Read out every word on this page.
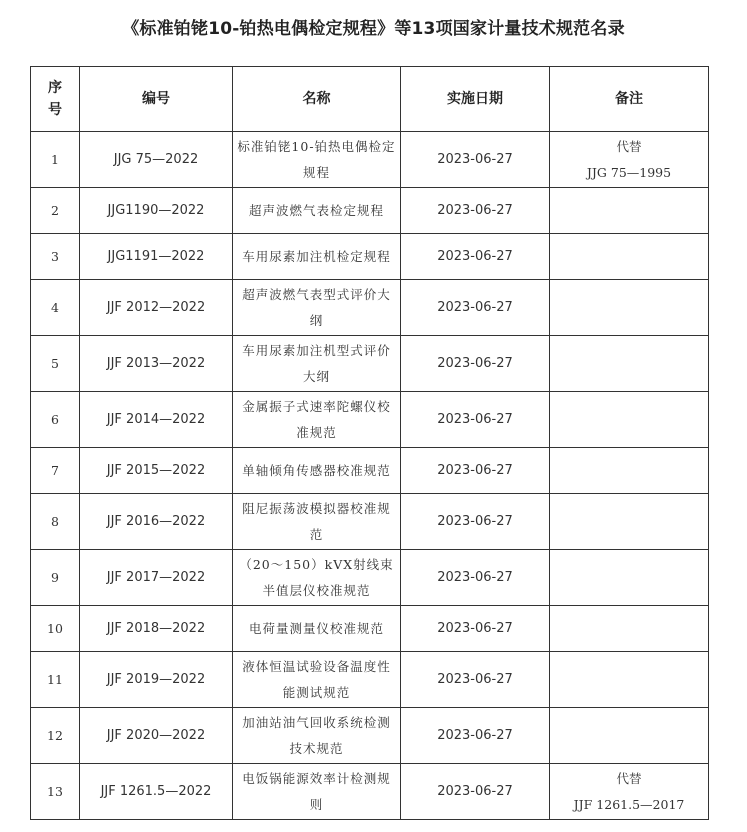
《标准铂铑10-铂热电偶检定规程》等13项国家计量技术规范名录
序号	编号	名称	实施日期	备注
1	JJG 75—2022	标准铂铑10-铂热电偶检定规程	2023-06-27	代替
JJG 75—1995
2	JJG1190—2022	超声波燃气表检定规程	2023-06-27	
3	JJG1191—2022	车用尿素加注机检定规程	2023-06-27	
4	JJF 2012—2022	超声波燃气表型式评价大纲	2023-06-27	
5	JJF 2013—2022	车用尿素加注机型式评价大纲	2023-06-27	
6	JJF 2014—2022	金属振子式速率陀螺仪校准规范	2023-06-27	
7	JJF 2015—2022	单轴倾角传感器校准规范	2023-06-27	
8	JJF 2016—2022	阻尼振荡波模拟器校准规范	2023-06-27	
9	JJF 2017—2022	（20～150）kVX射线束半值层仪校准规范	2023-06-27	
10	JJF 2018—2022	电荷量测量仪校准规范	2023-06-27	
11	JJF 2019—2022	液体恒温试验设备温度性能测试规范	2023-06-27	
12	JJF 2020—2022	加油站油气回收系统检测技术规范	2023-06-27	
13	JJF 1261.5—2022	电饭锅能源效率计检测规则	2023-06-27	代替
JJF 1261.5—2017
